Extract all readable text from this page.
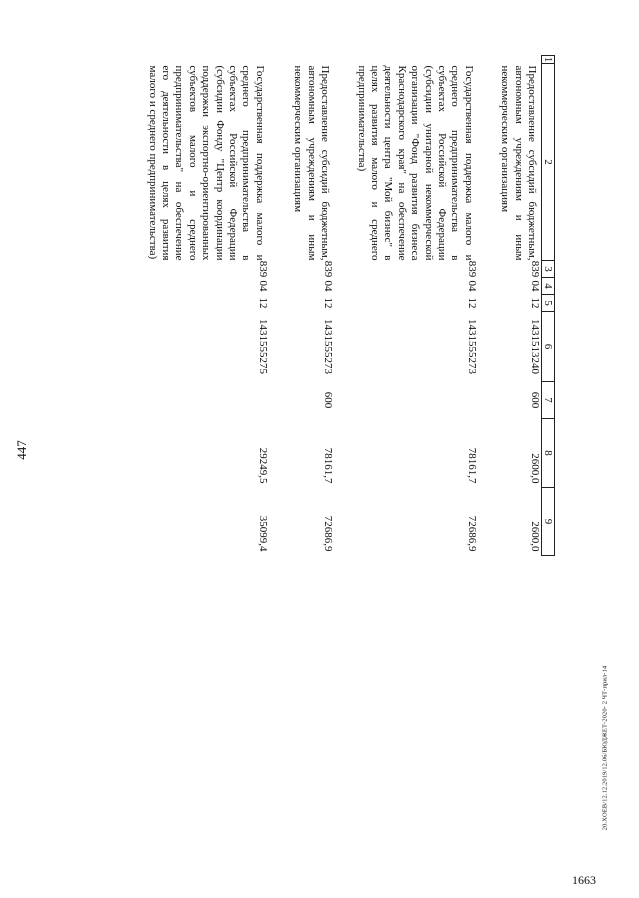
447
20.XOЕВ/12.12.2019/12.06/БЮДЖЕТ-2020- 2 ЧТ-прил-14
1663
1	2	3	4	5	6	7	8	9
	Предоставление субсидий бюджетным, автономным учреждениям и иным некоммерческим организациям	839	04	12	1431513240	600	2600,0	2600,0

	Государственная поддержка малого и среднего предпринимательства в субъектах Российской Федерации (субсидии унитарной некоммерческой организации "Фонд развития бизнеса Краснодарского края" на обеспечение деятельности центра "Мой бизнес" в целях развития малого и среднего предпринимательства)	839	04	12	1431555273		78161,7	72686,9

	Предоставление субсидий бюджетным, автономным учреждениям и иным некоммерческим организациям	839	04	12	1431555273	600	78161,7	72686,9

	Государственная поддержка малого и среднего предпринимательства в субъектах Российской Федерации (субсидии Фонду "Центр координации поддержки экспортно-ориентированных субъектов малого и среднего предпринимательства" на обеспечение его деятельности в целях развития малого и среднего предпринимательства)	839	04	12	1431555275		29249,5	35099,4
